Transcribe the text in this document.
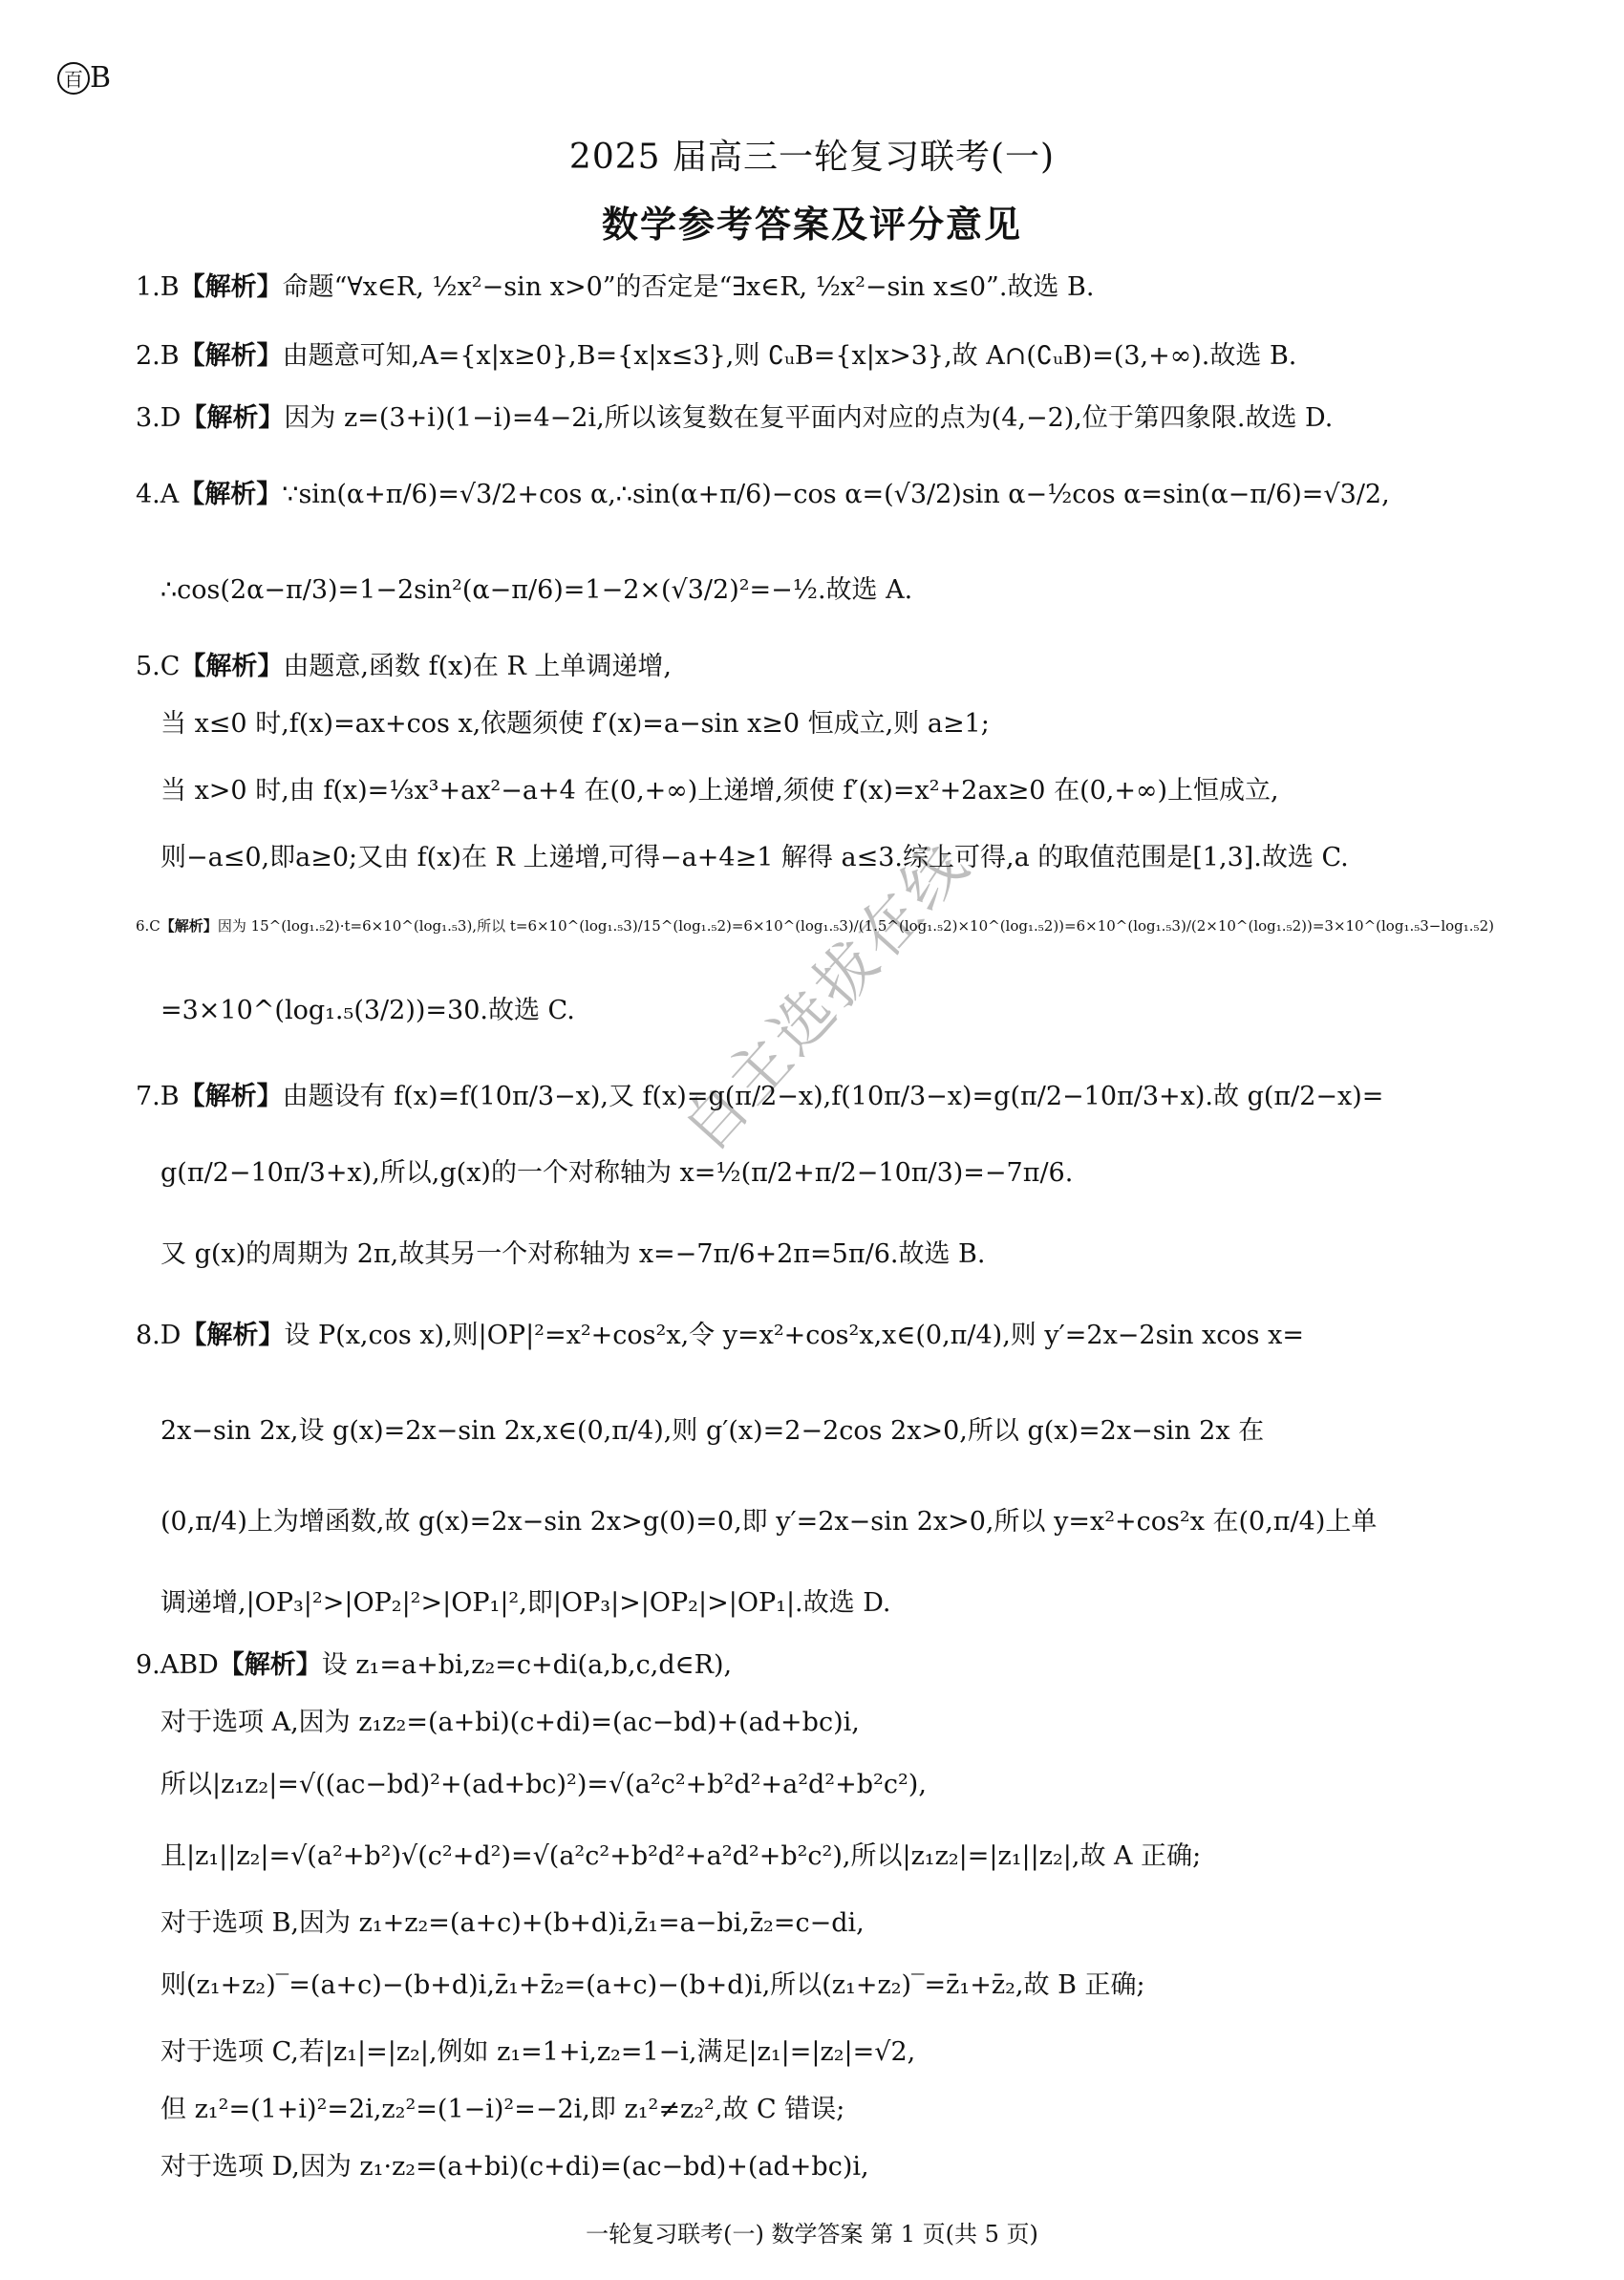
百 B
2025 届高三一轮复习联考(一)
数学参考答案及评分意见
自主选拔在线
1.B【解析】命题“∀x∈R, ½x²−sin x>0”的否定是“∃x∈R, ½x²−sin x≤0”.故选 B.
2.B【解析】由题意可知,A={x|x≥0},B={x|x≤3},则 ∁ᵤB={x|x>3},故 A∩(∁ᵤB)=(3,+∞).故选 B.
3.D【解析】因为 z=(3+i)(1−i)=4−2i,所以该复数在复平面内对应的点为(4,−2),位于第四象限.故选 D.
4.A【解析】∵sin(α+π/6)=√3/2+cos α,∴sin(α+π/6)−cos α=(√3/2)sin α−½cos α=sin(α−π/6)=√3/2,
∴cos(2α−π/3)=1−2sin²(α−π/6)=1−2×(√3/2)²=−½.故选 A.
5.C【解析】由题意,函数 f(x)在 R 上单调递增,
当 x≤0 时,f(x)=ax+cos x,依题须使 f′(x)=a−sin x≥0 恒成立,则 a≥1;
当 x>0 时,由 f(x)=⅓x³+ax²−a+4 在(0,+∞)上递增,须使 f′(x)=x²+2ax≥0 在(0,+∞)上恒成立,
则−a≤0,即a≥0;又由 f(x)在 R 上递增,可得−a+4≥1 解得 a≤3.综上可得,a 的取值范围是[1,3].故选 C.
6.C【解析】因为 15^(log₁.₅2)·t=6×10^(log₁.₅3),所以 t=6×10^(log₁.₅3)/15^(log₁.₅2)=6×10^(log₁.₅3)/(1.5^(log₁.₅2)×10^(log₁.₅2))=6×10^(log₁.₅3)/(2×10^(log₁.₅2))=3×10^(log₁.₅3−log₁.₅2)
=3×10^(log₁.₅(3/2))=30.故选 C.
7.B【解析】由题设有 f(x)=f(10π/3−x),又 f(x)=g(π/2−x),f(10π/3−x)=g(π/2−10π/3+x).故 g(π/2−x)=
g(π/2−10π/3+x),所以,g(x)的一个对称轴为 x=½(π/2+π/2−10π/3)=−7π/6.
又 g(x)的周期为 2π,故其另一个对称轴为 x=−7π/6+2π=5π/6.故选 B.
8.D【解析】设 P(x,cos x),则|OP|²=x²+cos²x,令 y=x²+cos²x,x∈(0,π/4),则 y′=2x−2sin xcos x=
2x−sin 2x,设 g(x)=2x−sin 2x,x∈(0,π/4),则 g′(x)=2−2cos 2x>0,所以 g(x)=2x−sin 2x 在
(0,π/4)上为增函数,故 g(x)=2x−sin 2x>g(0)=0,即 y′=2x−sin 2x>0,所以 y=x²+cos²x 在(0,π/4)上单
调递增,|OP₃|²>|OP₂|²>|OP₁|²,即|OP₃|>|OP₂|>|OP₁|.故选 D.
9.ABD【解析】设 z₁=a+bi,z₂=c+di(a,b,c,d∈R),
对于选项 A,因为 z₁z₂=(a+bi)(c+di)=(ac−bd)+(ad+bc)i,
所以|z₁z₂|=√((ac−bd)²+(ad+bc)²)=√(a²c²+b²d²+a²d²+b²c²),
且|z₁||z₂|=√(a²+b²)√(c²+d²)=√(a²c²+b²d²+a²d²+b²c²),所以|z₁z₂|=|z₁||z₂|,故 A 正确;
对于选项 B,因为 z₁+z₂=(a+c)+(b+d)i,z̄₁=a−bi,z̄₂=c−di,
则(z₁+z₂)‾=(a+c)−(b+d)i,z̄₁+z̄₂=(a+c)−(b+d)i,所以(z₁+z₂)‾=z̄₁+z̄₂,故 B 正确;
对于选项 C,若|z₁|=|z₂|,例如 z₁=1+i,z₂=1−i,满足|z₁|=|z₂|=√2,
但 z₁²=(1+i)²=2i,z₂²=(1−i)²=−2i,即 z₁²≠z₂²,故 C 错误;
对于选项 D,因为 z₁·z₂=(a+bi)(c+di)=(ac−bd)+(ad+bc)i,
一轮复习联考(一) 数学答案 第 1 页(共 5 页)
